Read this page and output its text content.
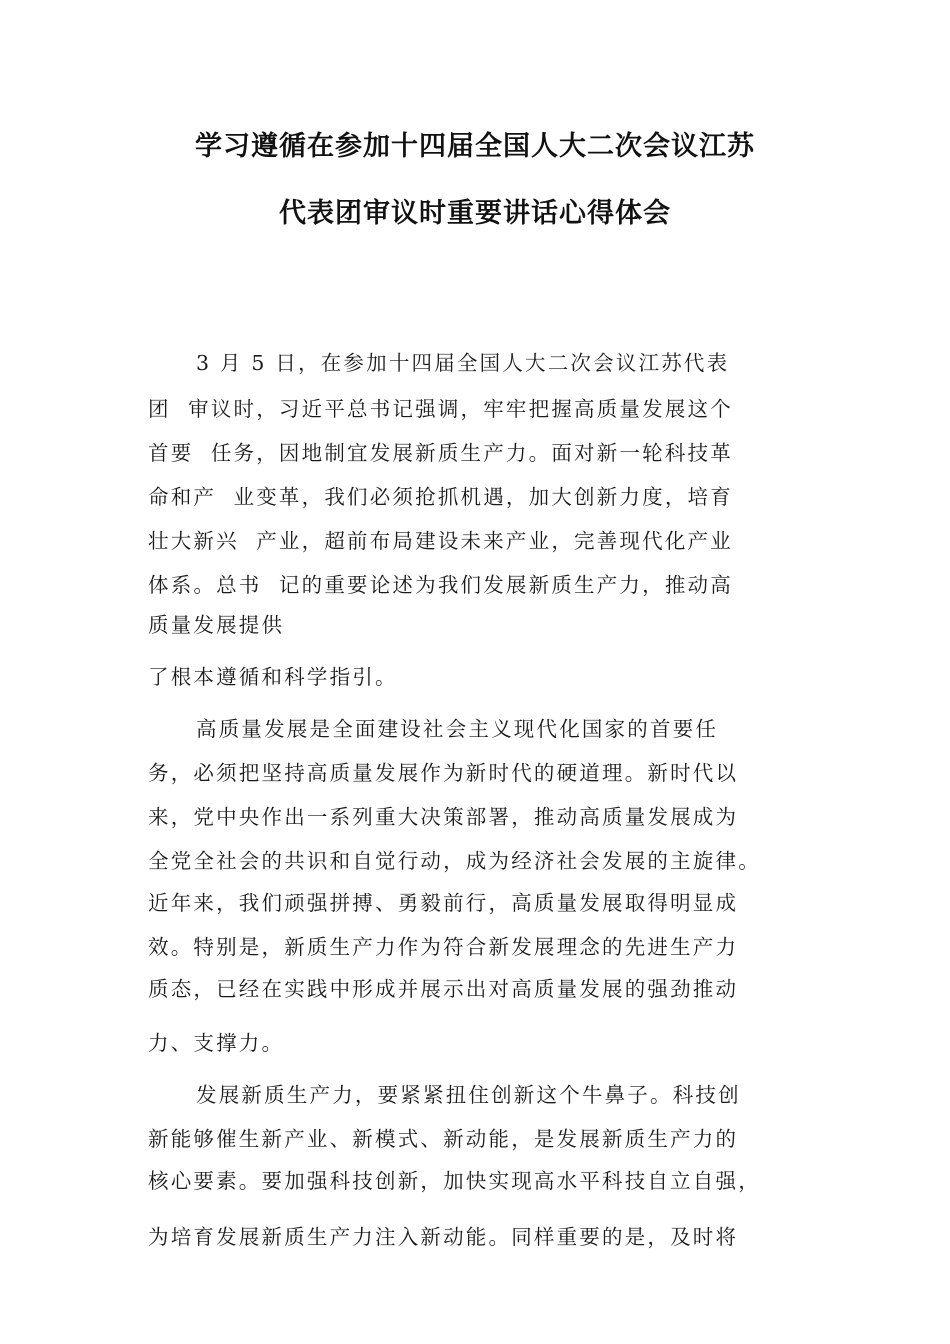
学习遵循在参加十四届全国人大二次会议江苏
代表团审议时重要讲话心得体会
3 月 5 日，在参加十四届全国人大二次会议江苏代表
团  审议时，习近平总书记强调，牢牢把握高质量发展这个
首要  任务，因地制宜发展新质生产力。面对新一轮科技革
命和产  业变革，我们必须抢抓机遇，加大创新力度，培育
壮大新兴  产业，超前布局建设未来产业，完善现代化产业
体系。总书  记的重要论述为我们发展新质生产力，推动高
质量发展提供
了根本遵循和科学指引。
高质量发展是全面建设社会主义现代化国家的首要任
务，必须把坚持高质量发展作为新时代的硬道理。新时代以
来，党中央作出一系列重大决策部署，推动高质量发展成为
全党全社会的共识和自觉行动，成为经济社会发展的主旋律。
近年来，我们顽强拼搏、勇毅前行，高质量发展取得明显成
效。特别是，新质生产力作为符合新发展理念的先进生产力
质态，已经在实践中形成并展示出对高质量发展的强劲推动
力、支撑力。
发展新质生产力，要紧紧扭住创新这个牛鼻子。科技创
新能够催生新产业、新模式、新动能，是发展新质生产力的
核心要素。要加强科技创新，加快实现高水平科技自立自强，
为培育发展新质生产力注入新动能。同样重要的是，及时将
